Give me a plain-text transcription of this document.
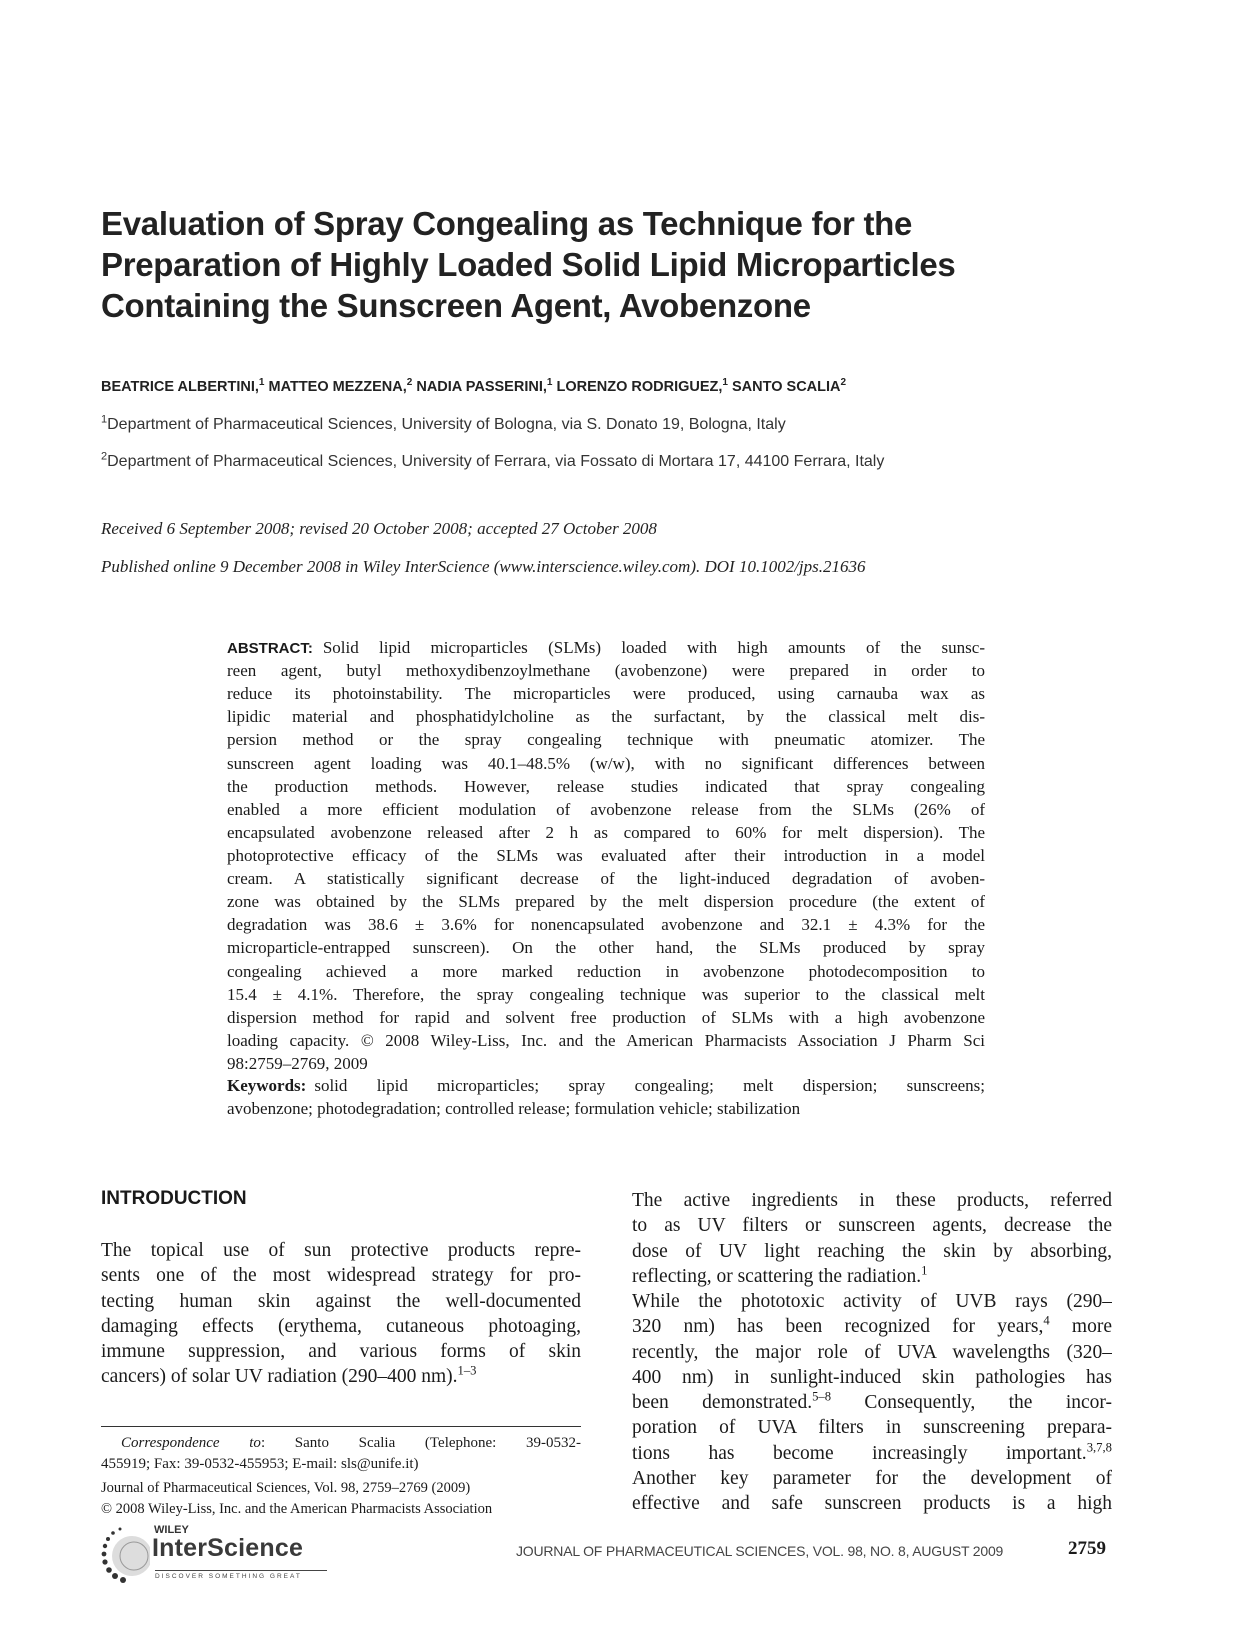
Evaluation of Spray Congealing as Technique for the
Preparation of Highly Loaded Solid Lipid Microparticles
Containing the Sunscreen Agent, Avobenzone
BEATRICE ALBERTINI,$^1$ MATTEO MEZZENA,$^2$ NADIA PASSERINI,$^1$ LORENZO RODRIGUEZ,$^1$ SANTO SCALIA$^2$
$^1$Department of Pharmaceutical Sciences, University of Bologna, via S. Donato 19, Bologna, Italy
$^2$Department of Pharmaceutical Sciences, University of Ferrara, via Fossato di Mortara 17, 44100 Ferrara, Italy
Received 6 September 2008; revised 20 October 2008; accepted 27 October 2008
Published online 9 December 2008 in Wiley InterScience (www.interscience.wiley.com). DOI 10.1002/jps.21636
ABSTRACT: Solid lipid microparticles (SLMs) loaded with high amounts of the sunsc-
reen agent, butyl methoxydibenzoylmethane (avobenzone) were prepared in order to
reduce its photoinstability. The microparticles were produced, using carnauba wax as
lipidic material and phosphatidylcholine as the surfactant, by the classical melt dis-
persion method or the spray congealing technique with pneumatic atomizer. The
sunscreen agent loading was 40.1–48.5% (w/w), with no significant differences between
the production methods. However, release studies indicated that spray congealing
enabled a more efficient modulation of avobenzone release from the SLMs (26% of
encapsulated avobenzone released after 2 h as compared to 60% for melt dispersion). The
photoprotective efficacy of the SLMs was evaluated after their introduction in a model
cream. A statistically significant decrease of the light-induced degradation of avoben-
zone was obtained by the SLMs prepared by the melt dispersion procedure (the extent of
degradation was 38.6 ± 3.6% for nonencapsulated avobenzone and 32.1 ± 4.3% for the
microparticle-entrapped sunscreen). On the other hand, the SLMs produced by spray
congealing achieved a more marked reduction in avobenzone photodecomposition to
15.4 ± 4.1%. Therefore, the spray congealing technique was superior to the classical melt
dispersion method for rapid and solvent free production of SLMs with a high avobenzone
loading capacity. © 2008 Wiley-Liss, Inc. and the American Pharmacists Association J Pharm Sci
98:2759–2769, 2009
Keywords: solid lipid microparticles; spray congealing; melt dispersion; sunscreens;
avobenzone; photodegradation; controlled release; formulation vehicle; stabilization
INTRODUCTION
The topical use of sun protective products repre-
sents one of the most widespread strategy for pro-
tecting human skin against the well-documented
damaging effects (erythema, cutaneous photoaging,
immune suppression, and various forms of skin
cancers) of solar UV radiation (290–400 nm).$^{1-3}$
The active ingredients in these products, referred
to as UV filters or sunscreen agents, decrease the
dose of UV light reaching the skin by absorbing,
reflecting, or scattering the radiation.$^1$
While the phototoxic activity of UVB rays (290–
320 nm) has been recognized for years,$^4$ more
recently, the major role of UVA wavelengths (320–
400 nm) in sunlight-induced skin pathologies has
been demonstrated.$^{5-8}$ Consequently, the incor-
poration of UVA filters in sunscreening prepara-
tions has become increasingly important.$^{3,7,8}$
Another key parameter for the development of
effective and safe sunscreen products is a high
Correspondence to: Santo Scalia (Telephone: 39-0532-
455919; Fax: 39-0532-455953; E-mail: sls@unife.it)
Journal of Pharmaceutical Sciences, Vol. 98, 2759–2769 (2009)
© 2008 Wiley-Liss, Inc. and the American Pharmacists Association
WILEY
InterScience
DISCOVER SOMETHING GREAT
JOURNAL OF PHARMACEUTICAL SCIENCES, VOL. 98, NO. 8, AUGUST 2009	2759
